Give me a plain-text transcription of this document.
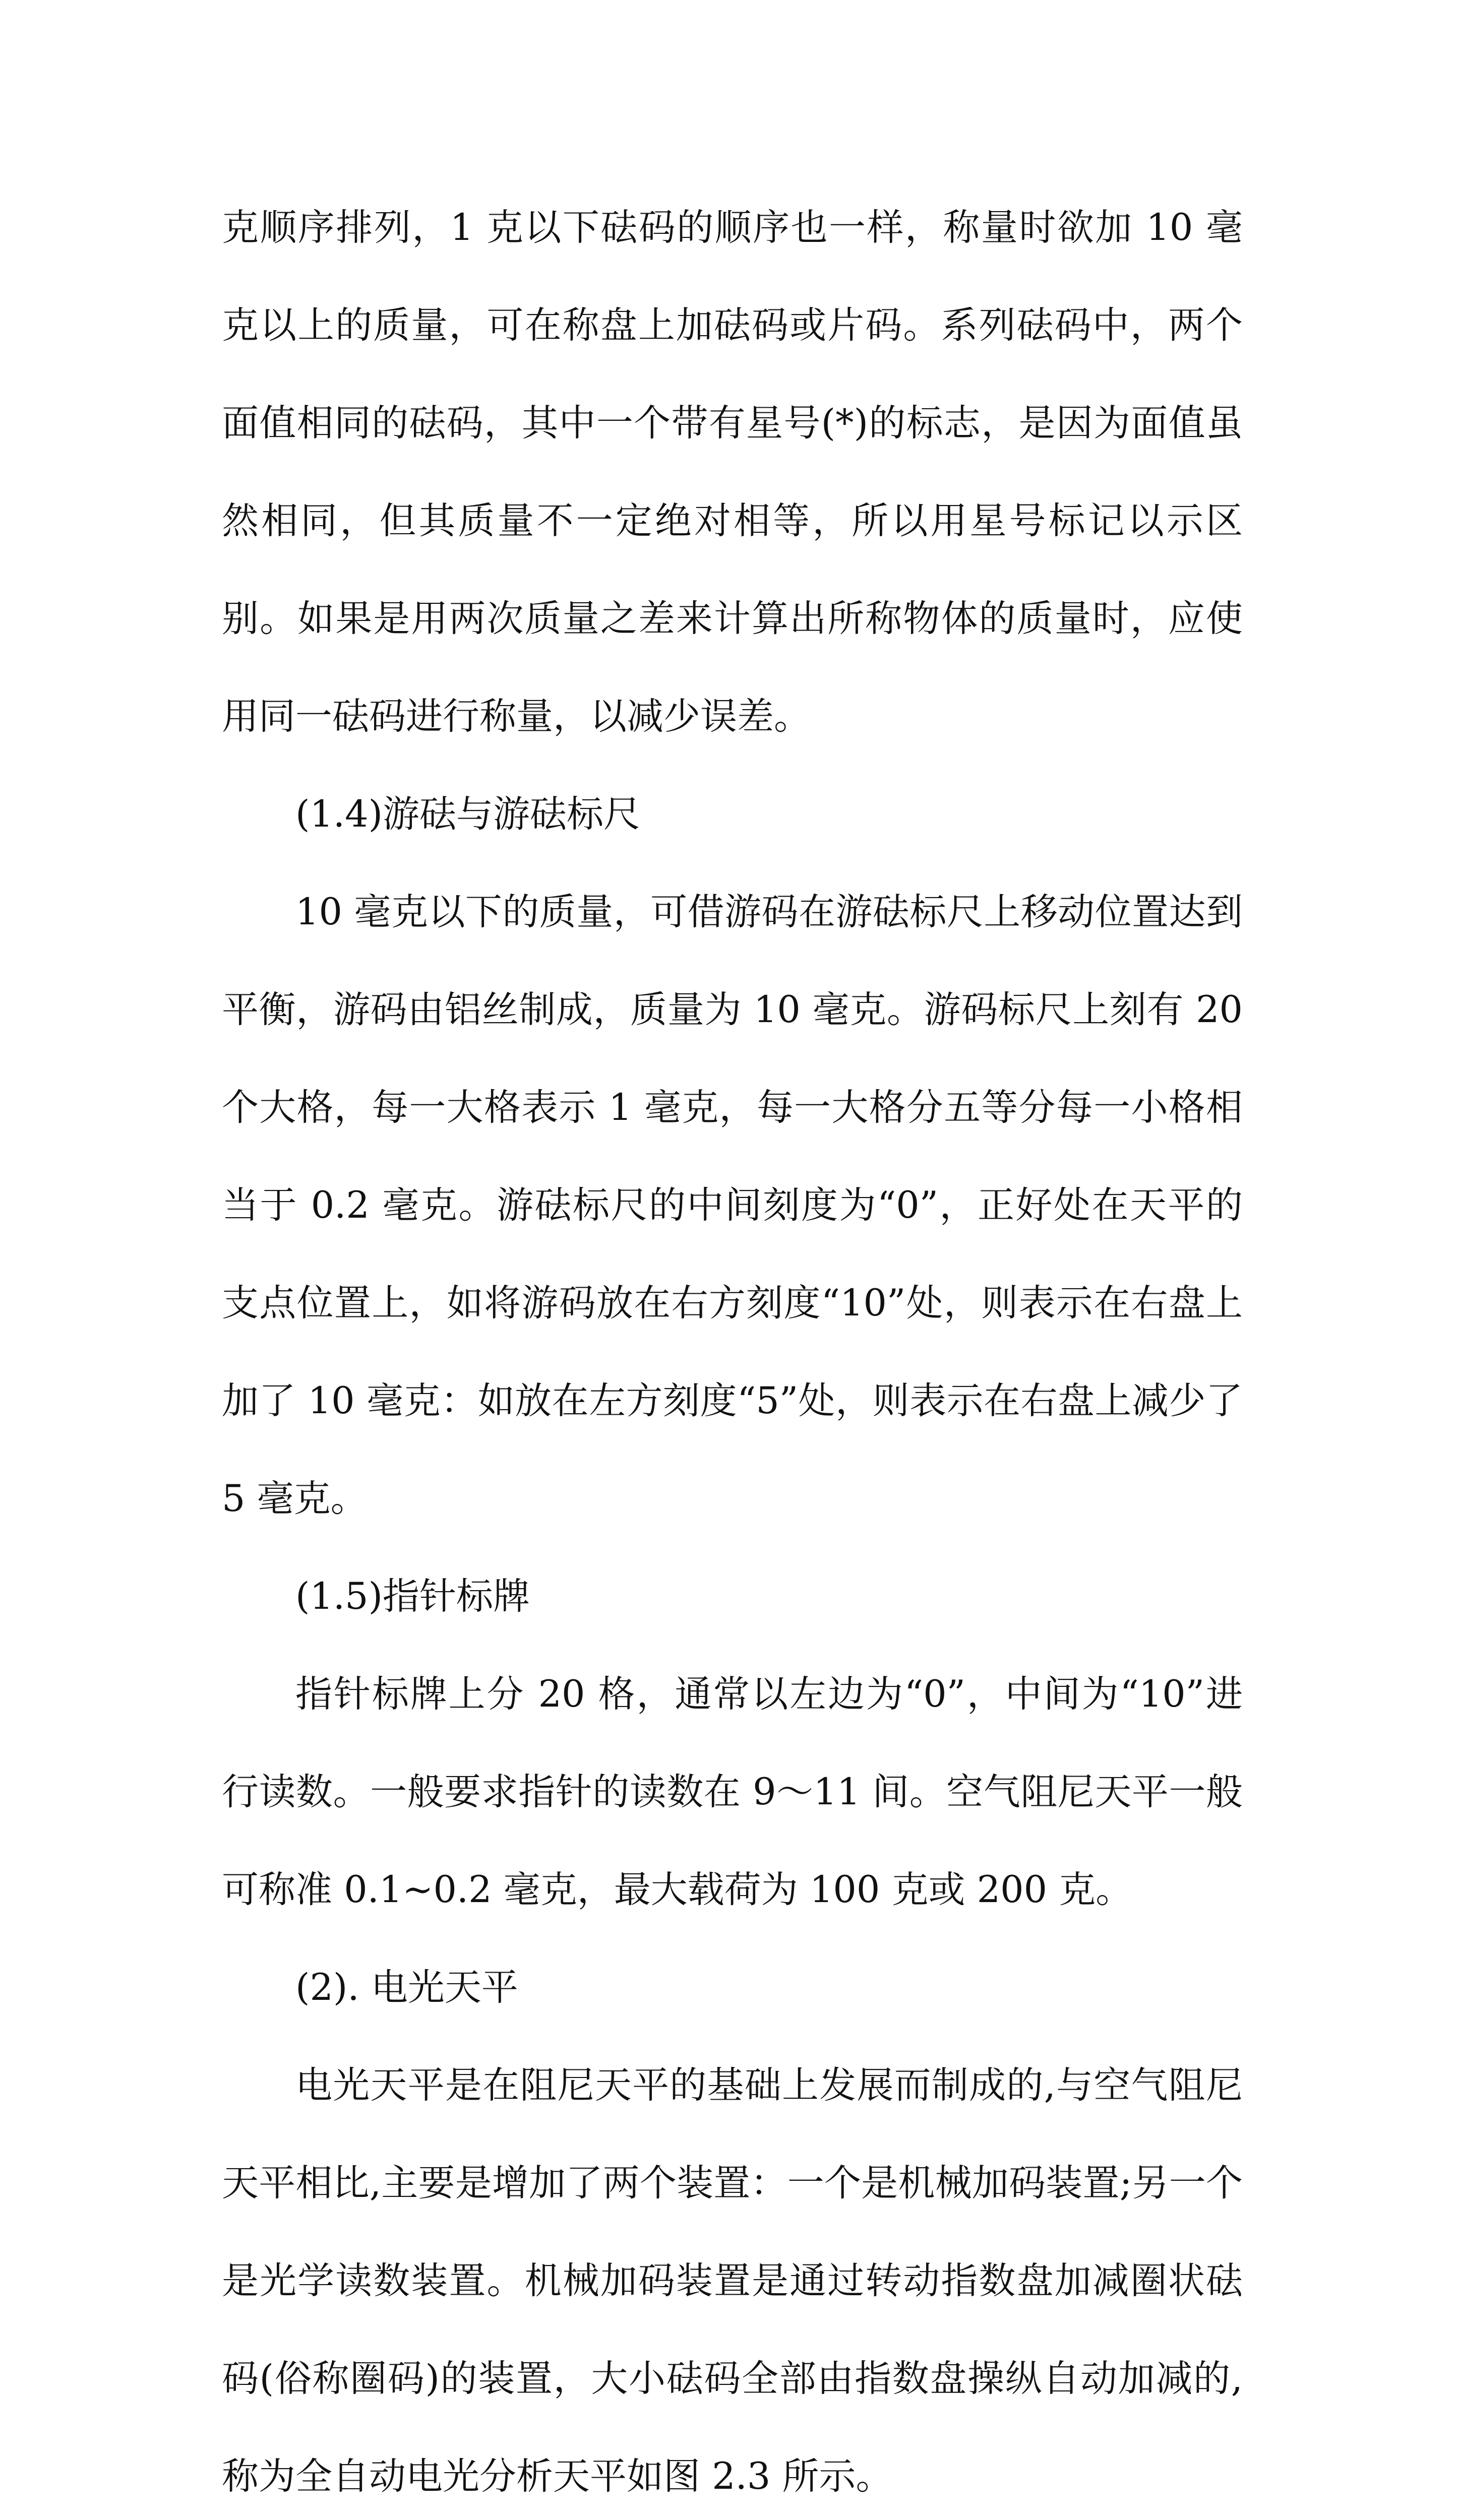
克顺序排列，1 克以下砝码的顺序也一样，称量时欲加 10 毫克以上的质量，可在称盘上加砝码或片码。系列砝码中，两个面值相同的砝码，其中一个带有星号(*)的标志，是因为面值虽然相同，但其质量不一定绝对相等，所以用星号标记以示区别。如果是用两次质量之差来计算出所称物体的质量时，应使用同一砝码进行称量，以减少误差。

(1.4)游砝与游砝标尺

10 毫克以下的质量，可借游码在游砝标尺上移动位置达到平衡，游码由铝丝制成，质量为 10 毫克。游码标尺上刻有 20 个大格，每一大格表示 1 毫克，每一大格分五等分每一小格相当于 0.2 毫克。游砝标尺的中间刻度为“0”，正好处在天平的支点位置上，如将游码放在右方刻度“10”处，则表示在右盘上加了 10 毫克：如放在左方刻度“5”处，则表示在右盘上减少了 5 毫克。

(1.5)指针标牌

指针标牌上分 20 格，通常以左边为“0”，中间为“10”进行读数。一般要求指针的读数在 9～11 间。空气阻尼天平一般可称准 0.1~0.2 毫克，最大载荷为 100 克或 200 克。

(2). 电光天平

电光天平是在阻尼天平的基础上发展而制成的,与空气阻尼天平相比,主要是增加了两个装置：一个是机械加码装置;另一个是光学读数装置。机械加码装置是通过转动指数盘加减圈状砝码(俗称圈码)的装置，大小砝码全部由指数盘操纵自动加减的,称为全自动电光分析天平如图 2.3 所示。
